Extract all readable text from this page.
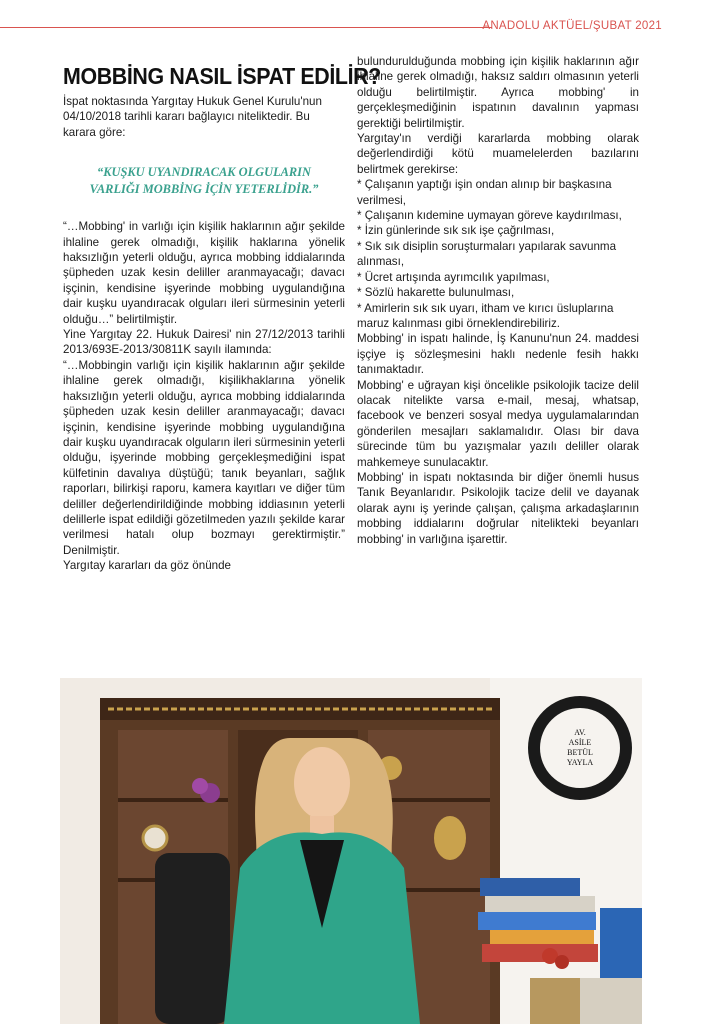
ANADOLU AKTÜEL/ŞUBAT 2021
MOBBİNG NASIL İSPAT EDİLİR?

İspat noktasında Yargıtay Hukuk Genel Kurulu'nun 04/10/2018 tarihli kararı bağlayıcı niteliktedir. Bu karara göre:

“KUŞKU UYANDIRACAK OLGULARIN VARLIĞI MOBBİNG İÇİN YETERLİDİR.”

“…Mobbing' in varlığı için kişilik haklarının ağır şekilde ihlaline gerek olmadığı, kişilik haklarına yönelik haksızlığın yeterli olduğu, ayrıca mobbing iddialarında şüpheden uzak kesin deliller aranmayacağı; davacı işçinin, kendisine işyerinde mobbing uygulandığına dair kuşku uyandıracak olguları ileri sürmesinin yeterli olduğu…” belirtilmiştir.

Yine Yargıtay 22. Hukuk Dairesi' nin 27/12/2013 tarihli 2013/693E-2013/30811K sayılı ilamında:

“…Mobbingin varlığı için kişilik haklarının ağır şekilde ihlaline gerek olmadığı, kişilikhaklarına yönelik haksızlığın yeterli olduğu, ayrıca mobbing iddialarında şüpheden uzak kesin deliller aranmayacağı; davacı işçinin, kendisine işyerinde mobbing uygulandığına dair kuşku uyandıracak olguların ileri sürmesinin yeterli olduğu, işyerinde mobbing gerçekleşmediğini ispat külfetinin davalıya düştüğü; tanık beyanları, sağlık raporları, bilirkişi raporu, kamera kayıtları ve diğer tüm deliller değerlendirildiğinde mobbing iddiasının yeterli delillerle ispat edildiği gözetilmeden yazılı şekilde karar verilmesi hatalı olup bozmayı gerektirmiştir.” Denilmiştir.

Yargıtay kararları da göz önünde

bulundurulduğunda mobbing için kişilik haklarının ağır ihlaline gerek olmadığı, haksız saldırı olmasının yeterli olduğu belirtilmiştir. Ayrıca mobbing' in gerçekleşmediğinin ispatının davalının yapması gerektiği belirtilmiştir.

Yargıtay'ın verdiği kararlarda mobbing olarak değerlendirdiği kötü muamelelerden bazılarını belirtmek gerekirse:

* Çalışanın yaptığı işin ondan alınıp bir başkasına verilmesi,

* Çalışanın kıdemine uymayan göreve kaydırılması,

* İzin günlerinde sık sık işe çağrılması,

* Sık sık disiplin soruşturmaları yapılarak savunma alınması,

* Ücret artışında ayrımcılık yapılması,

* Sözlü hakarette bulunulması,

* Amirlerin sık sık uyarı, itham ve kırıcı üsluplarına maruz kalınması gibi örneklendirebiliriz.

Mobbing' in ispatı halinde, İş Kanunu'nun 24. maddesi işçiye iş sözleşmesini haklı nedenle fesih hakkı tanımaktadır.

Mobbing' e uğrayan kişi öncelikle psikolojik tacize delil olacak nitelikte varsa e-mail, mesaj, whatsap, facebook ve benzeri sosyal medya uygulamalarından gönderilen mesajları saklamalıdır. Olası bir dava sürecinde tüm bu yazışmalar yazılı deliller olarak mahkemeye sunulacaktır.

Mobbing' in ispatı noktasında bir diğer önemli husus Tanık Beyanlarıdır. Psikolojik tacize delil ve dayanak olarak aynı iş yerinde çalışan, çalışma arkadaşlarının mobbing iddialarını doğrular nitelikteki beyanları mobbing' in varlığına işarettir.

AV.
ASİLE
BETÜL
YAYLA
